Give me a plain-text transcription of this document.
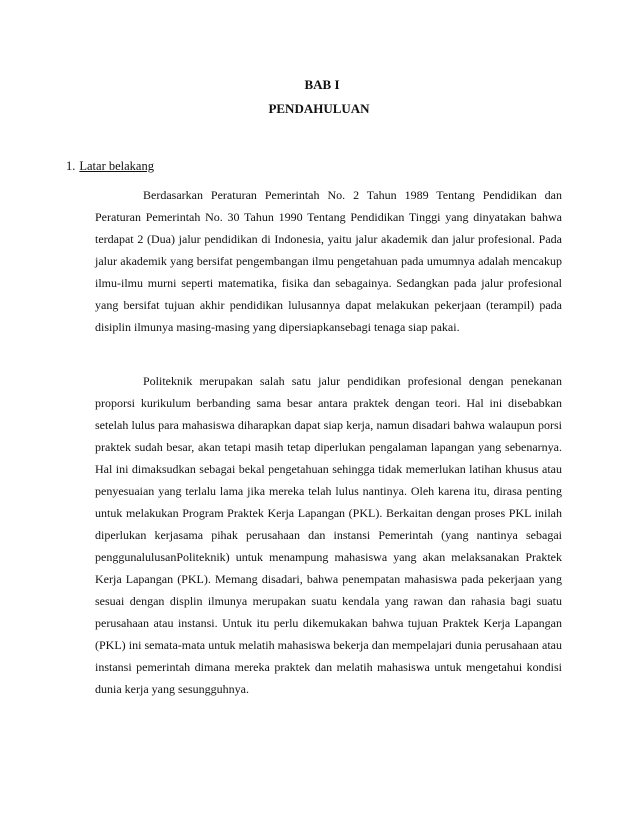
BAB I
PENDAHULUAN
1. Latar belakang

Berdasarkan Peraturan Pemerintah No. 2 Tahun 1989 Tentang Pendidikan dan Peraturan Pemerintah No. 30 Tahun 1990 Tentang Pendidikan Tinggi yang dinyatakan bahwa terdapat 2 (Dua) jalur pendidikan di Indonesia, yaitu jalur akademik dan jalur profesional. Pada jalur akademik yang bersifat pengembangan ilmu pengetahuan pada umumnya adalah mencakup ilmu-ilmu murni seperti matematika, fisika dan sebagainya. Sedangkan pada jalur profesional yang bersifat tujuan akhir pendidikan lulusannya dapat melakukan pekerjaan (terampil) pada disiplin ilmunya masing-masing yang dipersiapkansebagi tenaga siap pakai.

Politeknik merupakan salah satu jalur pendidikan profesional dengan penekanan proporsi kurikulum berbanding sama besar antara praktek dengan teori. Hal ini disebabkan setelah lulus para mahasiswa diharapkan dapat siap kerja, namun disadari bahwa walaupun porsi praktek sudah besar, akan tetapi masih tetap diperlukan pengalaman lapangan yang sebenarnya. Hal ini dimaksudkan sebagai bekal pengetahuan sehingga tidak memerlukan latihan khusus atau penyesuaian yang terlalu lama jika mereka telah lulus nantinya. Oleh karena itu, dirasa penting untuk melakukan Program Praktek Kerja Lapangan (PKL). Berkaitan dengan proses PKL inilah diperlukan kerjasama pihak perusahaan dan instansi Pemerintah (yang nantinya sebagai penggunalulusanPoliteknik) untuk menampung mahasiswa yang akan melaksanakan Praktek Kerja Lapangan (PKL). Memang disadari, bahwa penempatan mahasiswa pada pekerjaan yang sesuai dengan displin ilmunya merupakan suatu kendala yang rawan dan rahasia bagi suatu perusahaan atau instansi. Untuk itu perlu dikemukakan bahwa tujuan Praktek Kerja Lapangan (PKL) ini semata-mata untuk melatih mahasiswa bekerja dan mempelajari dunia perusahaan atau instansi pemerintah dimana mereka praktek dan melatih mahasiswa untuk mengetahui kondisi dunia kerja yang sesungguhnya.
